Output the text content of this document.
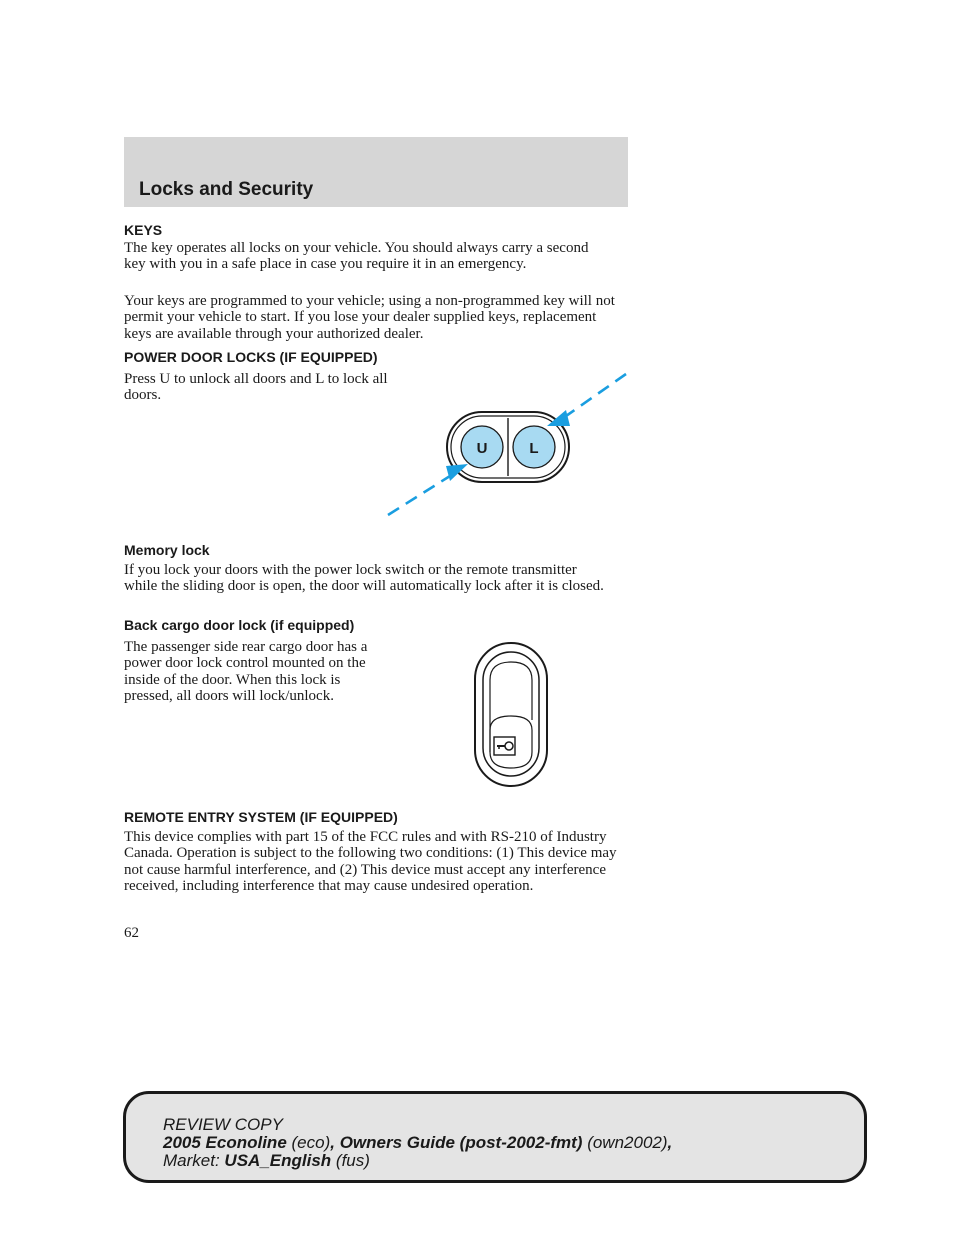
Locks and Security
KEYS

The key operates all locks on your vehicle. You should always carry a second key with you in a safe place in case you require it in an emergency.

Your keys are programmed to your vehicle; using a non-programmed key will not permit your vehicle to start. If you lose your dealer supplied keys, replacement keys are available through your authorized dealer.

POWER DOOR LOCKS (IF EQUIPPED)

Press U to unlock all doors and L to lock all doors.

U	L
Memory lock

If you lock your doors with the power lock switch or the remote transmitter while the sliding door is open, the door will automatically lock after it is closed.

Back cargo door lock (if equipped)

The passenger side rear cargo door has a power door lock control mounted on the inside of the door. When this lock is pressed, all doors will lock/unlock.

REMOTE ENTRY SYSTEM (IF EQUIPPED)

This device complies with part 15 of the FCC rules and with RS-210 of Industry Canada. Operation is subject to the following two conditions: (1) This device may not cause harmful interference, and (2) This device must accept any interference received, including interference that may cause undesired operation.

62
REVIEW COPY
2005 Econoline (eco), Owners Guide (post-2002-fmt) (own2002),
Market: USA_English (fus)
